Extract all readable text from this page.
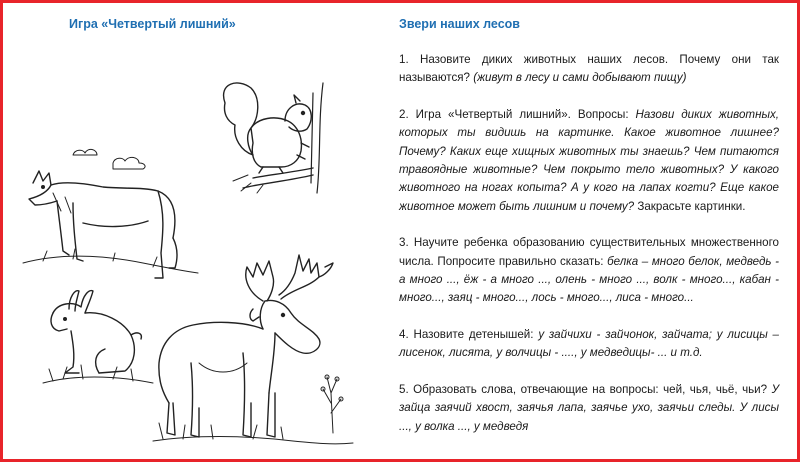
Игра «Четвертый лишний»	Звери наших лесов

1. Назовите диких животных наших лесов. Почему они так называются? (живут в лесу и сами добывают пищу)

2. Игра «Четвертый лишний». Вопросы: Назови диких животных, которых ты видишь на картинке. Какое животное лишнее? Почему? Каких еще хищных животных ты знаешь? Чем питаются травоядные животные? Чем покрыто тело животных? У какого животного на ногах копыта? А у кого на лапах когти? Еще какое животное может быть лишним и почему? Закрасьте картинки.

3. Научите ребенка образованию существительных множественного числа. Попросите правильно сказать: белка – много белок, медведь - а много ..., ёж - а много ..., олень - много ..., волк - много..., кабан - много..., заяц - много..., лось - много..., лиса - много...

4. Назовите детенышей: у зайчихи - зайчонок, зайчата; у лисицы – лисенок, лисята, у волчицы - ...., у медведицы- ... и т.д.

5. Образовать слова, отвечающие на вопросы: чей, чья, чьё, чьи? У зайца заячий хвост, заячья лапа, заячье ухо, заячьи следы. У лисы ..., у волка ..., у медведя
